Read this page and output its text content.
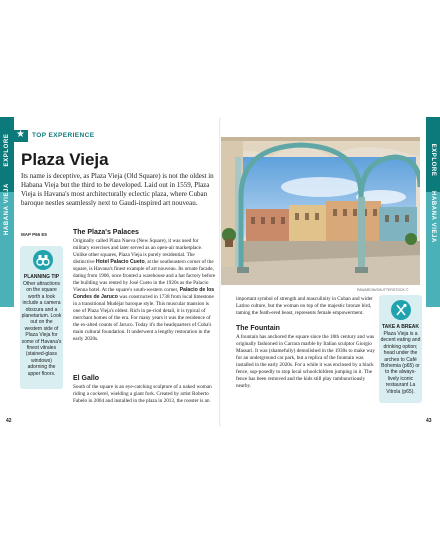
EXPLORE
HABANA VIEJA
EXPLORE
HABANA VIEJA
★ TOP EXPERIENCE
Plaza Vieja
Its name is deceptive, as Plaza Vieja (Old Square) is not the oldest in Habana Vieja but the third to be developed. Laid out in 1559, Plaza Vieja is Havana's most architecturally eclectic plaza, where Cuban baroque nestles seamlessly next to Gaudi-inspired art nouveau.
MAP P66 E5
PLANNING TIP
Other attractions on the square worth a look include a camera obscura and a planetarium. Look out on the western side of Plaza Vieja for some of Havana's finest vitrales (stained-glass windows) adorning the upper floors.
The Plaza's Palaces
Originally called Plaza Nueva (New Square), it was used for military exercises and later served as an open-air marketplace. Unlike other squares, Plaza Vieja is purely residential. The distinctive Hotel Palacio Cueto, at the southeastern corner of the square, is Havana's finest example of art nouveau. Its ornate facade, dating from 1906, once fronted a warehouse and a hat factory before the building was rented by José Cueto in the 1920s as the Palacio Vienna hotel. At the square's south-western corner, Palacio de los Condes de Jaruco was constructed in 1738 from local limestone in a transitional Mudéjar baroque style. This muscular mansion is one of Plaza Vieja's oldest. Rich in pe-riod detail, it is typical of merchant homes of the era. For many years it was the residence of the ex-alted counts of Jaruco. Today it's the headquarters of Cuba's main cultural foundation. It underwent a lengthy restoration in the early 2020s.
El Gallo
South of the square is an eye-catching sculpture of a naked woman riding a cockerel, wielding a giant fork. Created by artist Roberto Fabelo in 2004 and installed in the plaza in 2013, the rooster is an
PAWARDIN/SHUTTERSTOCK ©
important symbol of strength and masculinity in Cuban and wider Latino culture, but the woman on top of the majestic bronze bird, taming the feath-ered beast, represents female empowerment.
The Fountain
A fountain has anchored the square since the 18th century and was originally fashioned in Carrara marble by Italian sculptor Giorgio Massari. It was (shamefully) demolished in the 1930s to make way for an underground car park, but a replica of the fountain was installed in the early 2020s. For a while it was enclosed by a black fence, sup-posedly to stop local schoolchildren jumping in it. The fence has been removed and the kids still play rambunctiously nearby.
TAKE A BREAK
Plaza Vieja is a decent eating and drinking option; head under the arches to Café Bohemia (p65) or to the always-lively iconic restaurant La Vitrola (p65).
42	43
